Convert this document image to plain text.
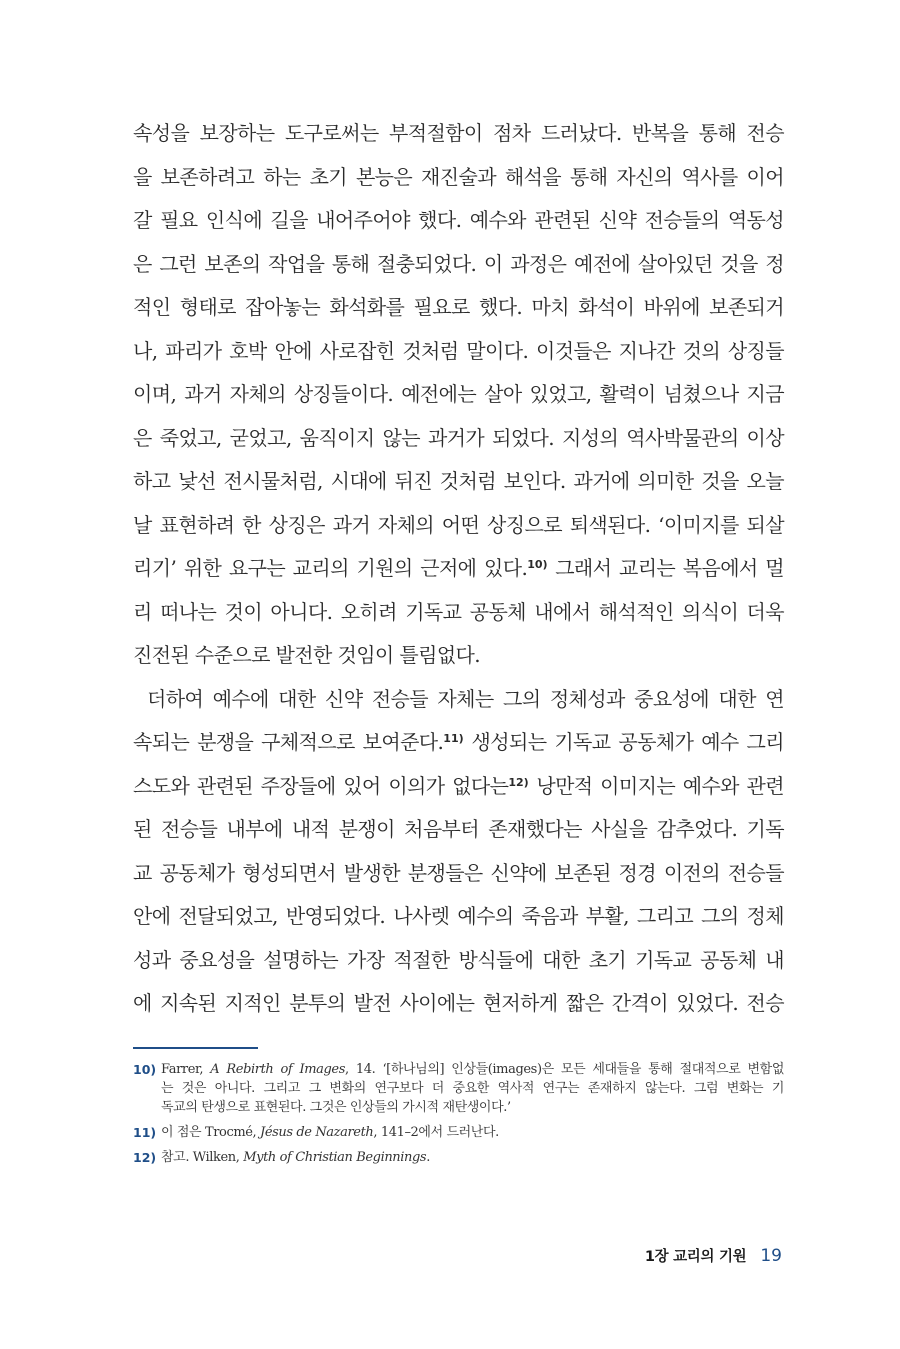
속성을 보장하는 도구로써는 부적절함이 점차 드러났다. 반복을 통해 전승
을 보존하려고 하는 초기 본능은 재진술과 해석을 통해 자신의 역사를 이어
갈 필요 인식에 길을 내어주어야 했다. 예수와 관련된 신약 전승들의 역동성
은 그런 보존의 작업을 통해 절충되었다. 이 과정은 예전에 살아있던 것을 정
적인 형태로 잡아놓는 화석화를 필요로 했다. 마치 화석이 바위에 보존되거
나, 파리가 호박 안에 사로잡힌 것처럼 말이다. 이것들은 지나간 것의 상징들
이며, 과거 자체의 상징들이다. 예전에는 살아 있었고, 활력이 넘쳤으나 지금
은 죽었고, 굳었고, 움직이지 않는 과거가 되었다. 지성의 역사박물관의 이상
하고 낯선 전시물처럼, 시대에 뒤진 것처럼 보인다. 과거에 의미한 것을 오늘
날 표현하려 한 상징은 과거 자체의 어떤 상징으로 퇴색된다. ‘이미지를 되살
리기’ 위한 요구는 교리의 기원의 근저에 있다.$^{10)}$ 그래서 교리는 복음에서 멀
리 떠나는 것이 아니다. 오히려 기독교 공동체 내에서 해석적인 의식이 더욱
진전된 수준으로 발전한 것임이 틀림없다.
더하여 예수에 대한 신약 전승들 자체는 그의 정체성과 중요성에 대한 연
속되는 분쟁을 구체적으로 보여준다.$^{11)}$ 생성되는 기독교 공동체가 예수 그리
스도와 관련된 주장들에 있어 이의가 없다는$^{12)}$ 낭만적 이미지는 예수와 관련
된 전승들 내부에 내적 분쟁이 처음부터 존재했다는 사실을 감추었다. 기독
교 공동체가 형성되면서 발생한 분쟁들은 신약에 보존된 정경 이전의 전승들
안에 전달되었고, 반영되었다. 나사렛 예수의 죽음과 부활, 그리고 그의 정체
성과 중요성을 설명하는 가장 적절한 방식들에 대한 초기 기독교 공동체 내
에 지속된 지적인 분투의 발전 사이에는 현저하게 짧은 간격이 있었다. 전승
10) Farrer, A Rebirth of Images, 14. ‘[하나님의] 인상들(images)은 모든 세대들을 통해 절대적으로 변함없
는 것은 아니다. 그리고 그 변화의 연구보다 더 중요한 역사적 연구는 존재하지 않는다. 그럼 변화는 기
독교의 탄생으로 표현된다. 그것은 인상들의 가시적 재탄생이다.’
11) 이 점은 Trocmé, Jésus de Nazareth, 141–2에서 드러난다.
12) 참고. Wilken, Myth of Christian Beginnings.
1장 교리의 기원 19
